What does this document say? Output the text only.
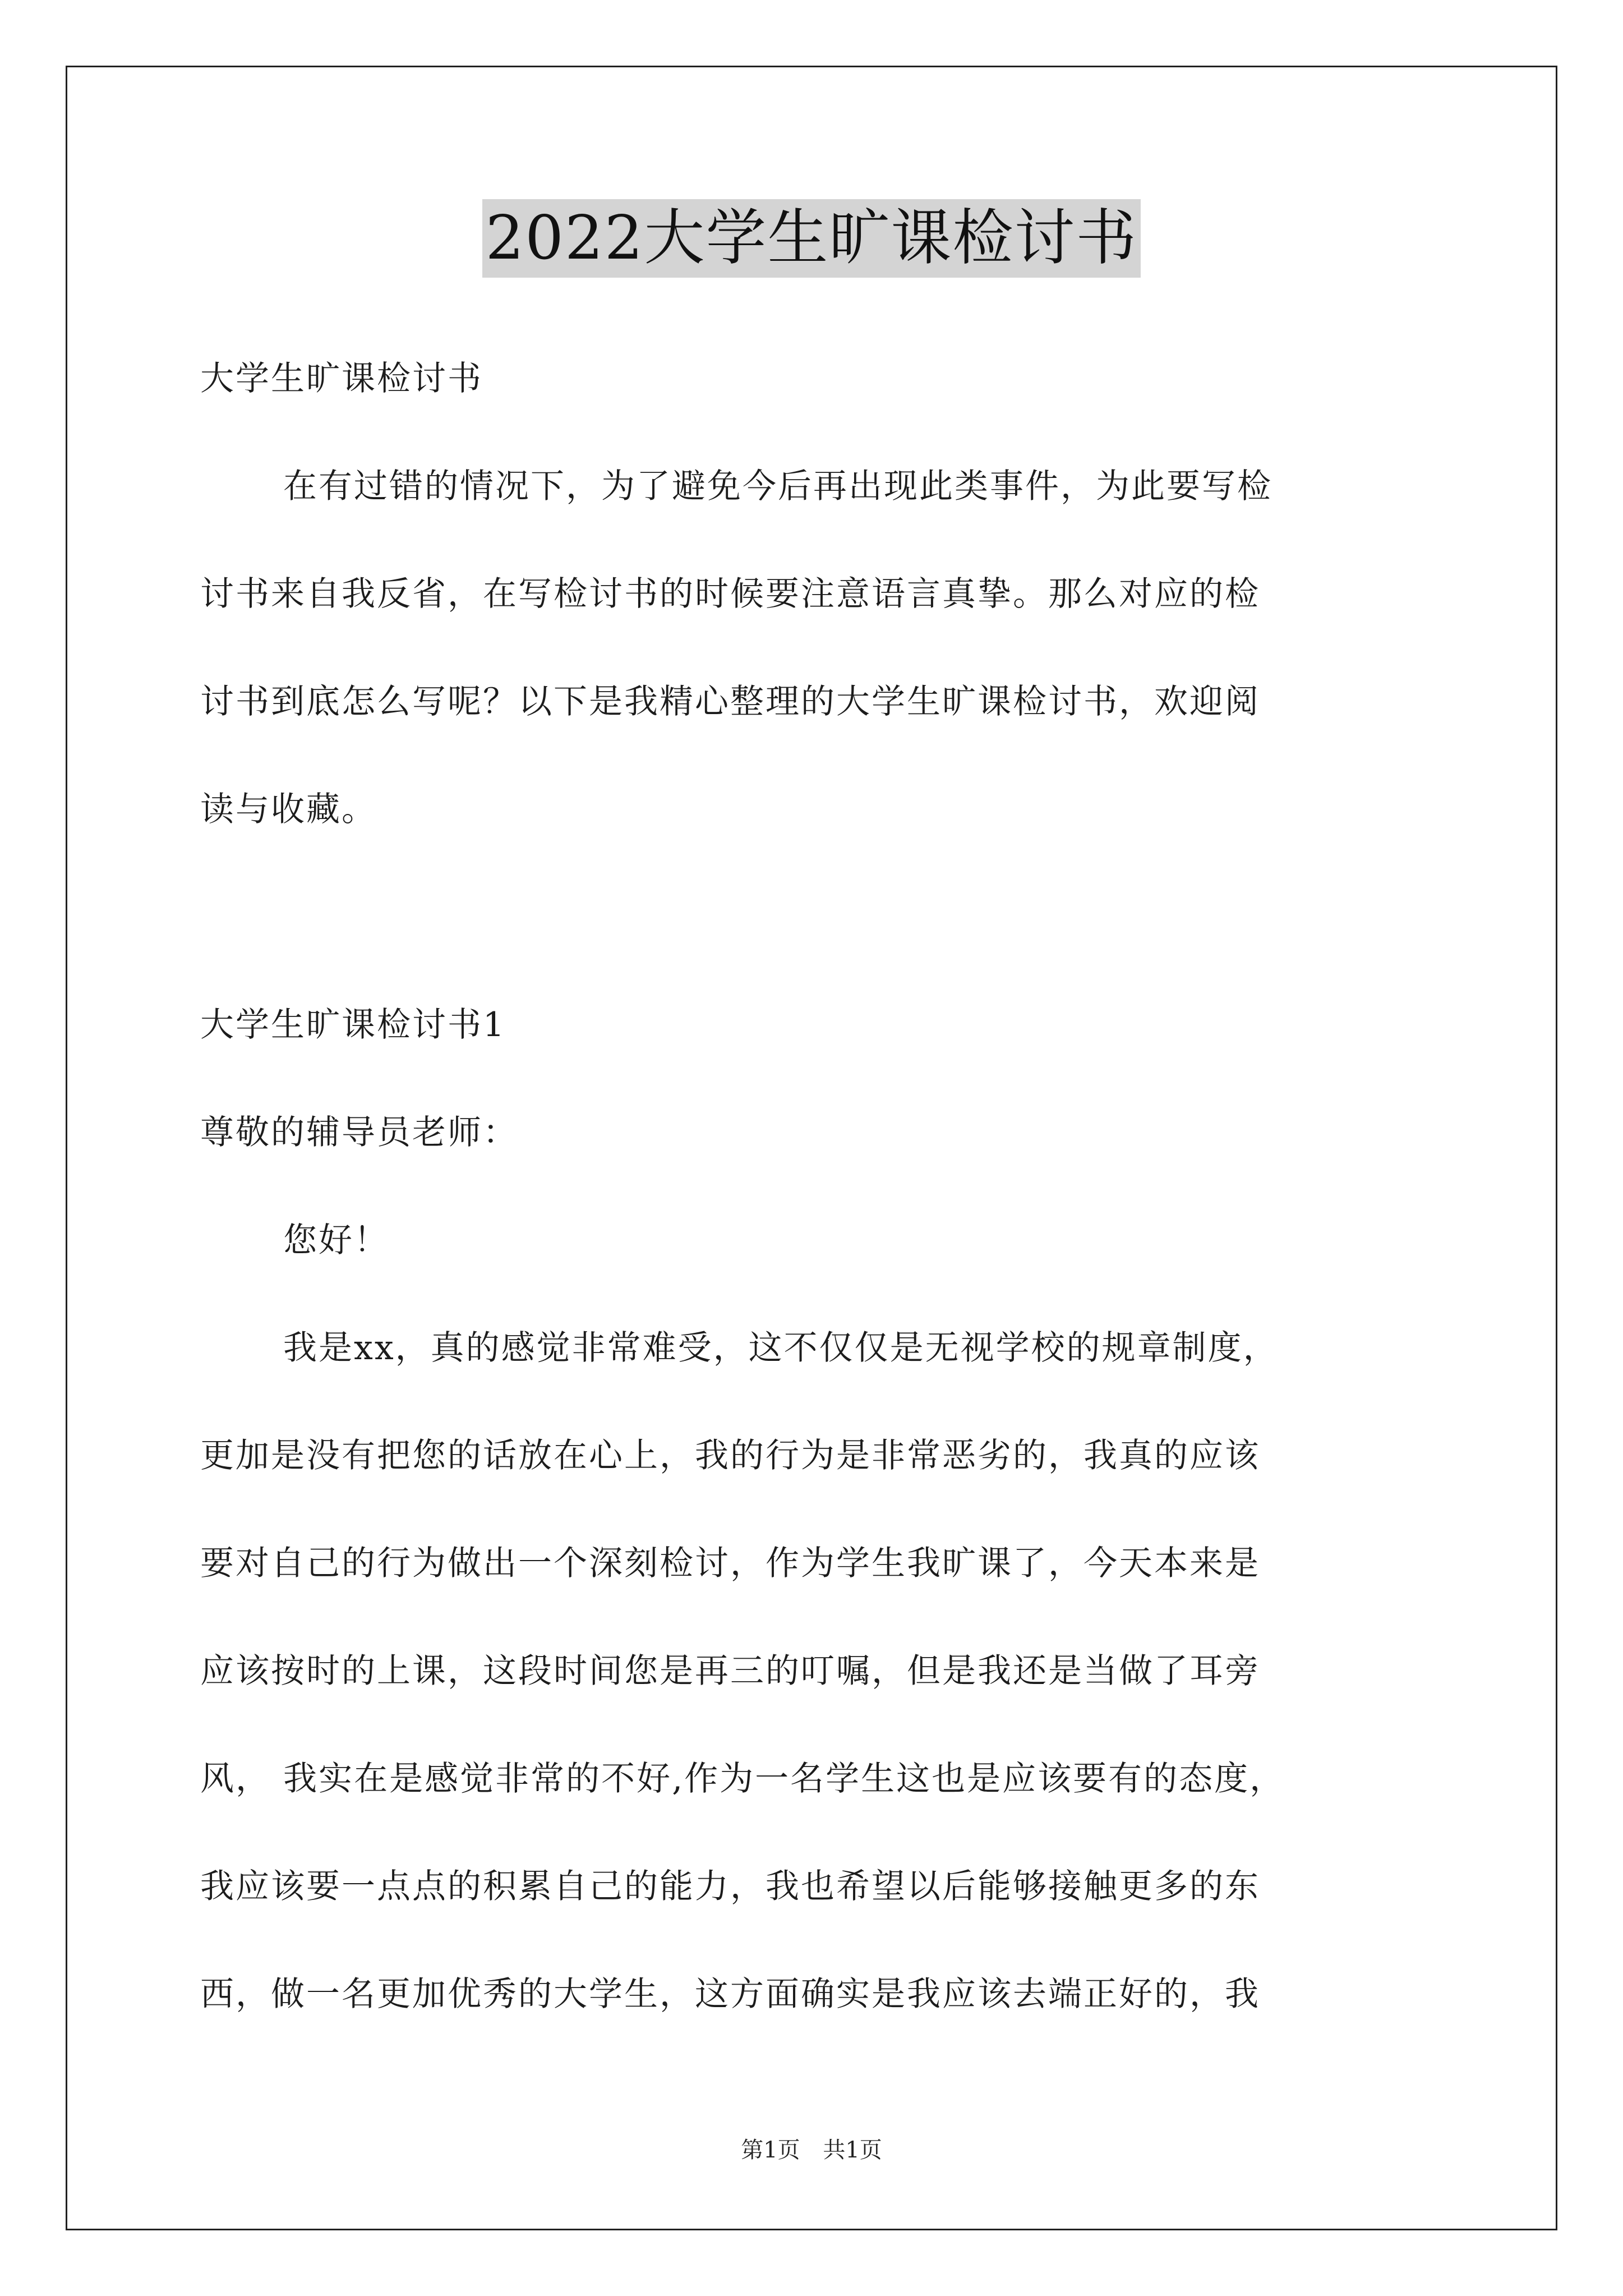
2022大学生旷课检讨书
大学生旷课检讨书
在有过错的情况下，为了避免今后再出现此类事件，为此要写检
讨书来自我反省，在写检讨书的时候要注意语言真挚。那么对应的检
讨书到底怎么写呢？以下是我精心整理的大学生旷课检讨书，欢迎阅
读与收藏。
大学生旷课检讨书1
尊敬的辅导员老师：
您好！
我是xx，真的感觉非常难受，这不仅仅是无视学校的规章制度，
更加是没有把您的话放在心上，我的行为是非常恶劣的，我真的应该
要对自己的行为做出一个深刻检讨，作为学生我旷课了，今天本来是
应该按时的上课，这段时间您是再三的叮嘱，但是我还是当做了耳旁
风， 我实在是感觉非常的不好,作为一名学生这也是应该要有的态度，
我应该要一点点的积累自己的能力，我也希望以后能够接触更多的东
西，做一名更加优秀的大学生，这方面确实是我应该去端正好的，我
第1页 共1页
